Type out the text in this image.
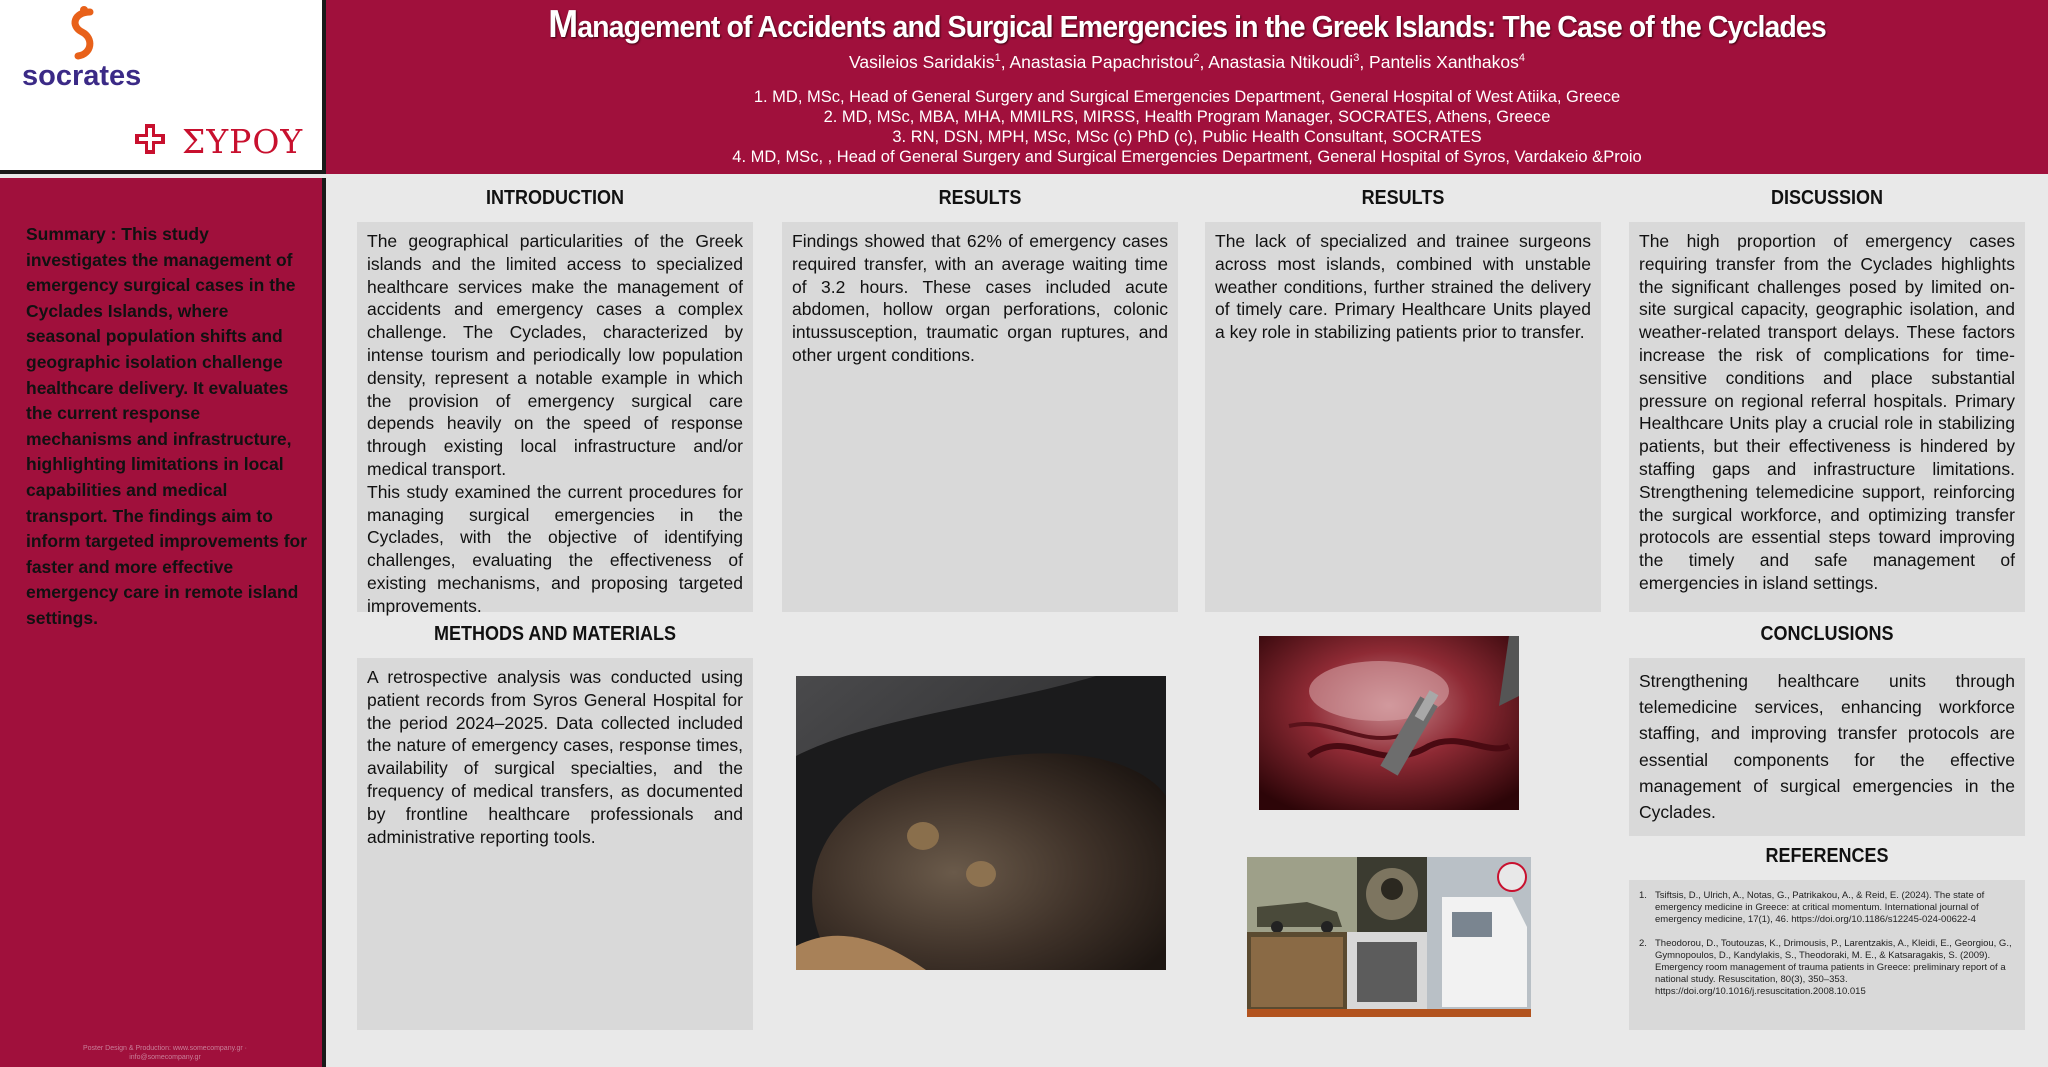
socrates
ΣΥΡΟΥ
Management of Accidents and Surgical Emergencies in the Greek Islands: The Case of the Cyclades
Vasileios Saridakis$^1$, Anastasia Papachristou$^2$, Anastasia Ntikoudi$^3$, Pantelis Xanthakos$^4$
1. MD, MSc, Head of General Surgery and Surgical Emergencies Department, General Hospital of West Atiika, Greece
2. MD, MSc, MBA, MHA, MMILRS, MIRSS, Health Program Manager, SOCRATES, Athens, Greece
3. RN, DSN, MPH, MSc, MSc (c) PhD (c), Public Health Consultant, SOCRATES
4. MD, MSc, , Head of General Surgery and Surgical Emergencies Department, General Hospital of Syros, Vardakeio &Proio
Summary : This study investigates the management of emergency surgical cases in the Cyclades Islands, where seasonal population shifts and geographic isolation challenge healthcare delivery. It evaluates the current response mechanisms and infrastructure, highlighting limitations in local capabilities and medical transport. The findings aim to inform targeted improvements for faster and more effective emergency care in remote island settings.
Poster Design & Production: www.somecompany.gr · info@somecompany.gr
INTRODUCTION

The geographical particularities of the Greek islands and the limited access to specialized healthcare services make the management of accidents and emergency cases a complex challenge. The Cyclades, characterized by intense tourism and periodically low population density, represent a notable example in which the provision of emergency surgical care depends heavily on the speed of response through existing local infrastructure and/or medical transport.

This study examined the current procedures for managing surgical emergencies in the Cyclades, with the objective of identifying challenges, evaluating the effectiveness of existing mechanisms, and proposing targeted improvements.

METHODS AND MATERIALS

A retrospective analysis was conducted using patient records from Syros General Hospital for the period 2024–2025. Data collected included the nature of emergency cases, response times, availability of surgical specialties, and the frequency of medical transfers, as documented by frontline healthcare professionals and administrative reporting tools.

RESULTS

Findings showed that 62% of emergency cases required transfer, with an average waiting time of 3.2 hours. These cases included acute abdomen, hollow organ perforations, colonic intussusception, traumatic organ ruptures, and other urgent conditions.

RESULTS

The lack of specialized and trainee surgeons across most islands, combined with unstable weather conditions, further strained the delivery of timely care. Primary Healthcare Units played a key role in stabilizing patients prior to transfer.

DISCUSSION

The high proportion of emergency cases requiring transfer from the Cyclades highlights the significant challenges posed by limited on-site surgical capacity, geographic isolation, and weather-related transport delays. These factors increase the risk of complications for time-sensitive conditions and place substantial pressure on regional referral hospitals. Primary Healthcare Units play a crucial role in stabilizing patients, but their effectiveness is hindered by staffing gaps and infrastructure limitations. Strengthening telemedicine support, reinforcing the surgical workforce, and optimizing transfer protocols are essential steps toward improving the timely and safe management of emergencies in island settings.

CONCLUSIONS

Strengthening healthcare units through telemedicine services, enhancing workforce staffing, and improving transfer protocols are essential components for the effective management of surgical emergencies in the Cyclades.

REFERENCES
1. Tsiftsis, D., Ulrich, A., Notas, G., Patrikakou, A., & Reid, E. (2024). The state of emergency medicine in Greece: at critical momentum. International journal of emergency medicine, 17(1), 46. https://doi.org/10.1186/s12245-024-00622-4
2. Theodorou, D., Toutouzas, K., Drimousis, P., Larentzakis, A., Kleidi, E., Georgiou, G., Gymnopoulos, D., Kandylakis, S., Theodoraki, M. E., & Katsaragakis, S. (2009). Emergency room management of trauma patients in Greece: preliminary report of a national study. Resuscitation, 80(3), 350–353. https://doi.org/10.1016/j.resuscitation.2008.10.015
